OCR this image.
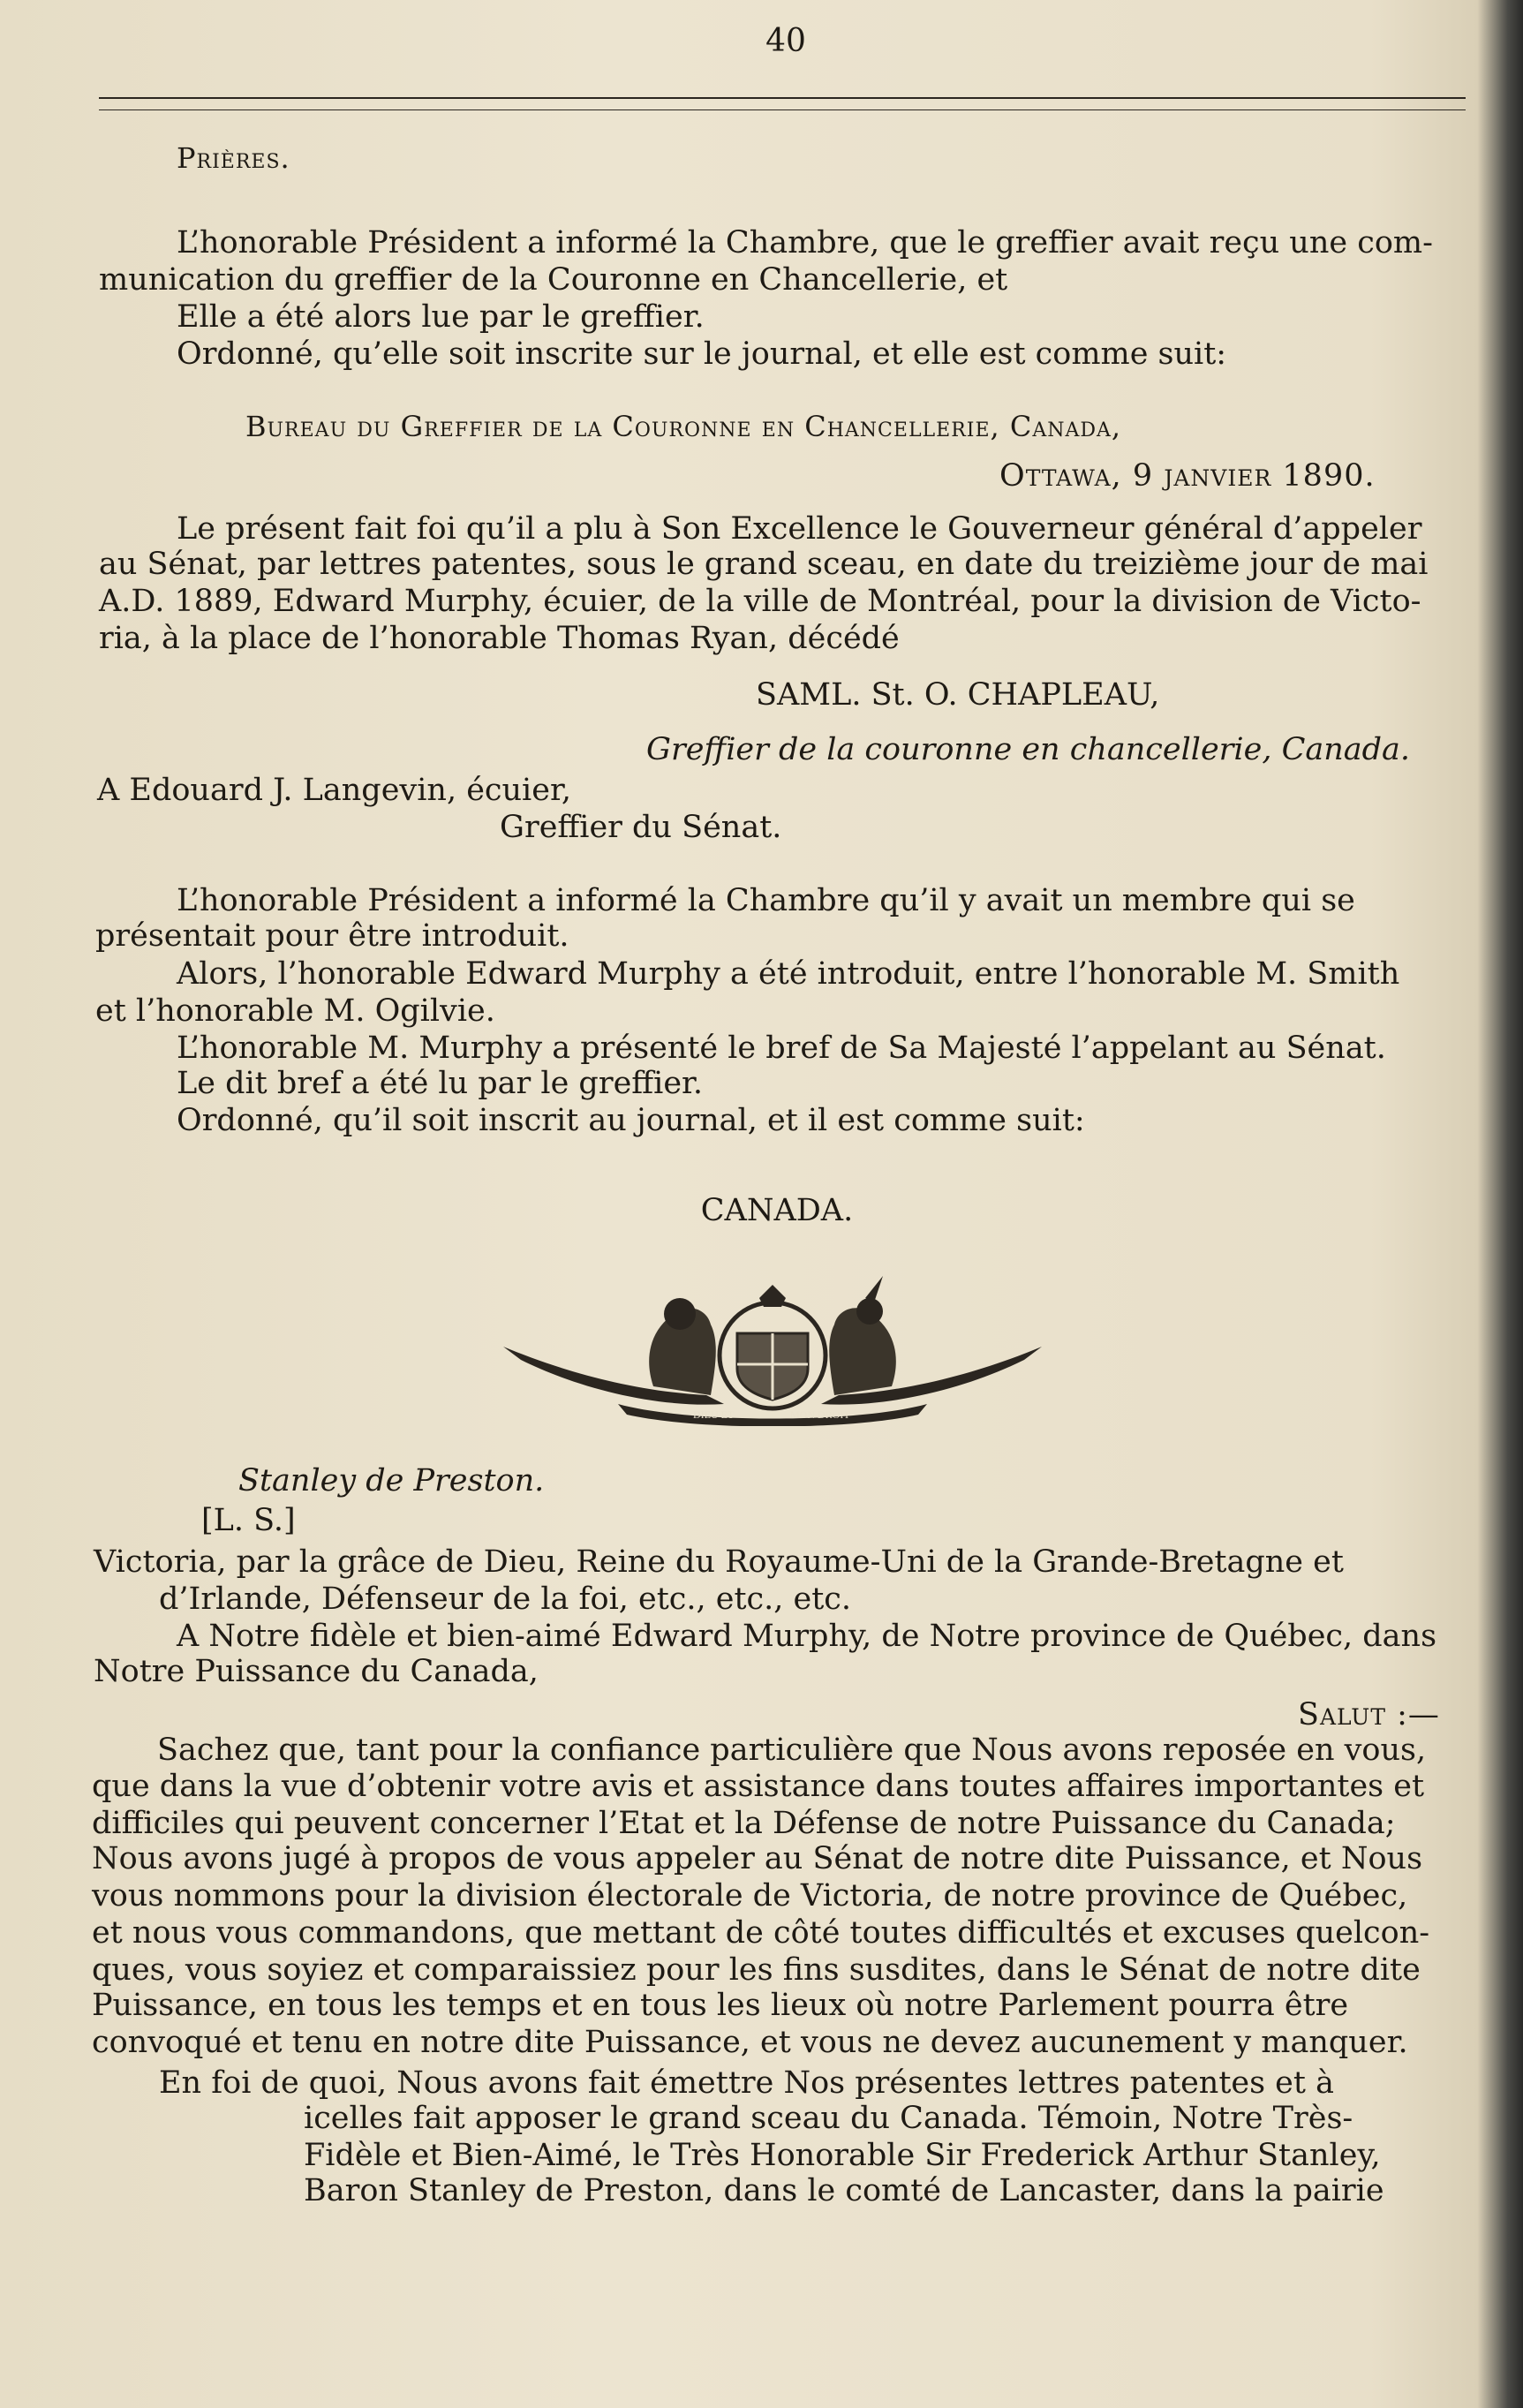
40
Prières.
L’honorable Président a informé la Chambre, que le greffier avait reçu une com-
munication du greffier de la Couronne en Chancellerie, et
Elle a été alors lue par le greffier.
Ordonné, qu’elle soit inscrite sur le journal, et elle est comme suit:
Bureau du Greffier de la Couronne en Chancellerie, Canada,
Ottawa, 9 janvier 1890.
Le présent fait foi qu’il a plu à Son Excellence le Gouverneur général d’appeler
au Sénat, par lettres patentes, sous le grand sceau, en date du treizième jour de mai
A.D. 1889, Edward Murphy, écuier, de la ville de Montréal, pour la division de Victo-
ria, à la place de l’honorable Thomas Ryan, décédé
SAML. St. O. CHAPLEAU,
Greffier de la couronne en chancellerie, Canada.
A Edouard J. Langevin, écuier,
Greffier du Sénat.
L’honorable Président a informé la Chambre qu’il y avait un membre qui se
présentait pour être introduit.
Alors, l’honorable Edward Murphy a été introduit, entre l’honorable M. Smith
et l’honorable M. Ogilvie.
L’honorable M. Murphy a présenté le bref de Sa Majesté l’appelant au Sénat.
Le dit bref a été lu par le greffier.
Ordonné, qu’il soit inscrit au journal, et il est comme suit:
CANADA.
DIEU ET	MON DROIT
Stanley de Preston.
[L. S.]
Victoria, par la grâce de Dieu, Reine du Royaume-Uni de la Grande-Bretagne et
d’Irlande, Défenseur de la foi, etc., etc., etc.
A Notre fidèle et bien-aimé Edward Murphy, de Notre province de Québec, dans
Notre Puissance du Canada,
Salut :—
Sachez que, tant pour la confiance particulière que Nous avons reposée en vous,
que dans la vue d’obtenir votre avis et assistance dans toutes affaires importantes et
difficiles qui peuvent concerner l’Etat et la Défense de notre Puissance du Canada;
Nous avons jugé à propos de vous appeler au Sénat de notre dite Puissance, et Nous
vous nommons pour la division électorale de Victoria, de notre province de Québec,
et nous vous commandons, que mettant de côté toutes difficultés et excuses quelcon-
ques, vous soyiez et comparaissiez pour les fins susdites, dans le Sénat de notre dite
Puissance, en tous les temps et en tous les lieux où notre Parlement pourra être
convoqué et tenu en notre dite Puissance, et vous ne devez aucunement y manquer.
En foi de quoi, Nous avons fait émettre Nos présentes lettres patentes et à
icelles fait apposer le grand sceau du Canada. Témoin, Notre Très-
Fidèle et Bien-Aimé, le Très Honorable Sir Frederick Arthur Stanley,
Baron Stanley de Preston, dans le comté de Lancaster, dans la pairie
